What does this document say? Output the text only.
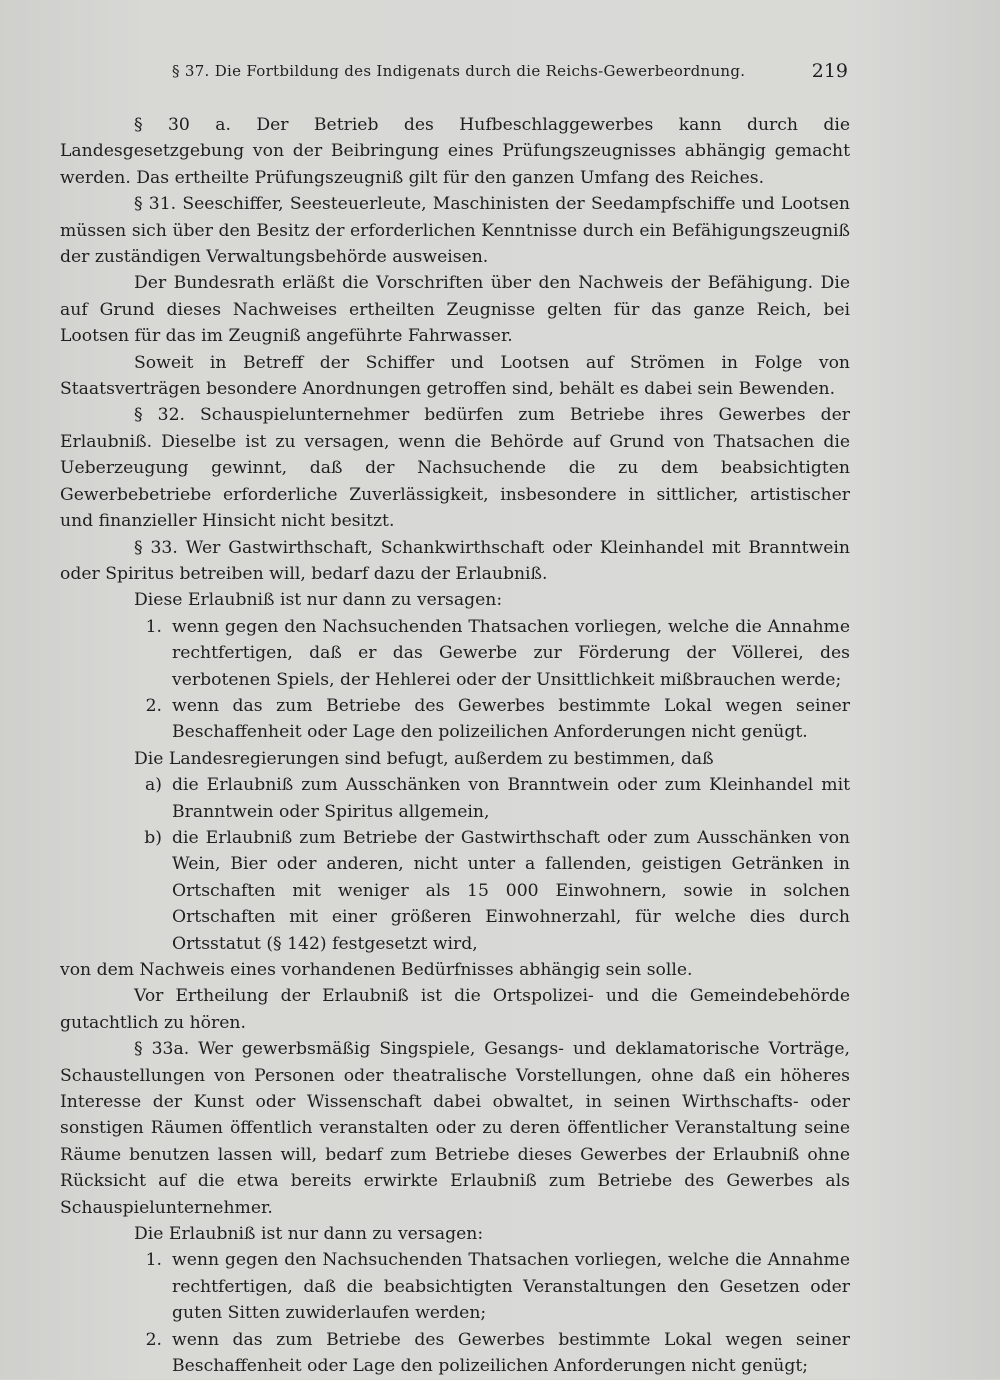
§ 37. Die Fortbildung des Indigenats durch die Reichs-Gewerbeordnung.	219

§ 30 a. Der Betrieb des Hufbeschlaggewerbes kann durch die Landesgesetzgebung von der Beibringung eines Prüfungszeugnisses abhängig gemacht werden. Das ertheilte Prüfungszeugniß gilt für den ganzen Umfang des Reiches.

§ 31. Seeschiffer, Seesteuerleute, Maschinisten der Seedampfschiffe und Lootsen müssen sich über den Besitz der erforderlichen Kenntnisse durch ein Befähigungszeugniß der zuständigen Verwaltungsbehörde ausweisen.

Der Bundesrath erläßt die Vorschriften über den Nachweis der Befähigung. Die auf Grund dieses Nachweises ertheilten Zeugnisse gelten für das ganze Reich, bei Lootsen für das im Zeugniß angeführte Fahrwasser.

Soweit in Betreff der Schiffer und Lootsen auf Strömen in Folge von Staatsverträgen besondere Anordnungen getroffen sind, behält es dabei sein Bewenden.

§ 32. Schauspielunternehmer bedürfen zum Betriebe ihres Gewerbes der Erlaubniß. Dieselbe ist zu versagen, wenn die Behörde auf Grund von Thatsachen die Ueberzeugung gewinnt, daß der Nachsuchende die zu dem beabsichtigten Gewerbebetriebe erforderliche Zuverlässigkeit, insbesondere in sittlicher, artistischer und finanzieller Hinsicht nicht besitzt.

§ 33. Wer Gastwirthschaft, Schankwirthschaft oder Kleinhandel mit Branntwein oder Spiritus betreiben will, bedarf dazu der Erlaubniß.

Diese Erlaubniß ist nur dann zu versagen:

1. wenn gegen den Nachsuchenden Thatsachen vorliegen, welche die Annahme rechtfertigen, daß er das Gewerbe zur Förderung der Völlerei, des verbotenen Spiels, der Hehlerei oder der Unsittlichkeit mißbrauchen werde;
2. wenn das zum Betriebe des Gewerbes bestimmte Lokal wegen seiner Beschaffenheit oder Lage den polizeilichen Anforderungen nicht genügt.

Die Landesregierungen sind befugt, außerdem zu bestimmen, daß

a) die Erlaubniß zum Ausschänken von Branntwein oder zum Kleinhandel mit Branntwein oder Spiritus allgemein,
b) die Erlaubniß zum Betriebe der Gastwirthschaft oder zum Ausschänken von Wein, Bier oder anderen, nicht unter a fallenden, geistigen Getränken in Ortschaften mit weniger als 15 000 Einwohnern, sowie in solchen Ortschaften mit einer größeren Einwohnerzahl, für welche dies durch Ortsstatut (§ 142) festgesetzt wird,

von dem Nachweis eines vorhandenen Bedürfnisses abhängig sein solle.

Vor Ertheilung der Erlaubniß ist die Ortspolizei- und die Gemeindebehörde gutachtlich zu hören.

§ 33a. Wer gewerbsmäßig Singspiele, Gesangs- und deklamatorische Vorträge, Schaustellungen von Personen oder theatralische Vorstellungen, ohne daß ein höheres Interesse der Kunst oder Wissenschaft dabei obwaltet, in seinen Wirthschafts- oder sonstigen Räumen öffentlich veranstalten oder zu deren öffentlicher Veranstaltung seine Räume benutzen lassen will, bedarf zum Betriebe dieses Gewerbes der Erlaubniß ohne Rücksicht auf die etwa bereits erwirkte Erlaubniß zum Betriebe des Gewerbes als Schauspielunternehmer.

Die Erlaubniß ist nur dann zu versagen:

1. wenn gegen den Nachsuchenden Thatsachen vorliegen, welche die Annahme rechtfertigen, daß die beabsichtigten Veranstaltungen den Gesetzen oder guten Sitten zuwiderlaufen werden;
2. wenn das zum Betriebe des Gewerbes bestimmte Lokal wegen seiner Beschaffenheit oder Lage den polizeilichen Anforderungen nicht genügt;
